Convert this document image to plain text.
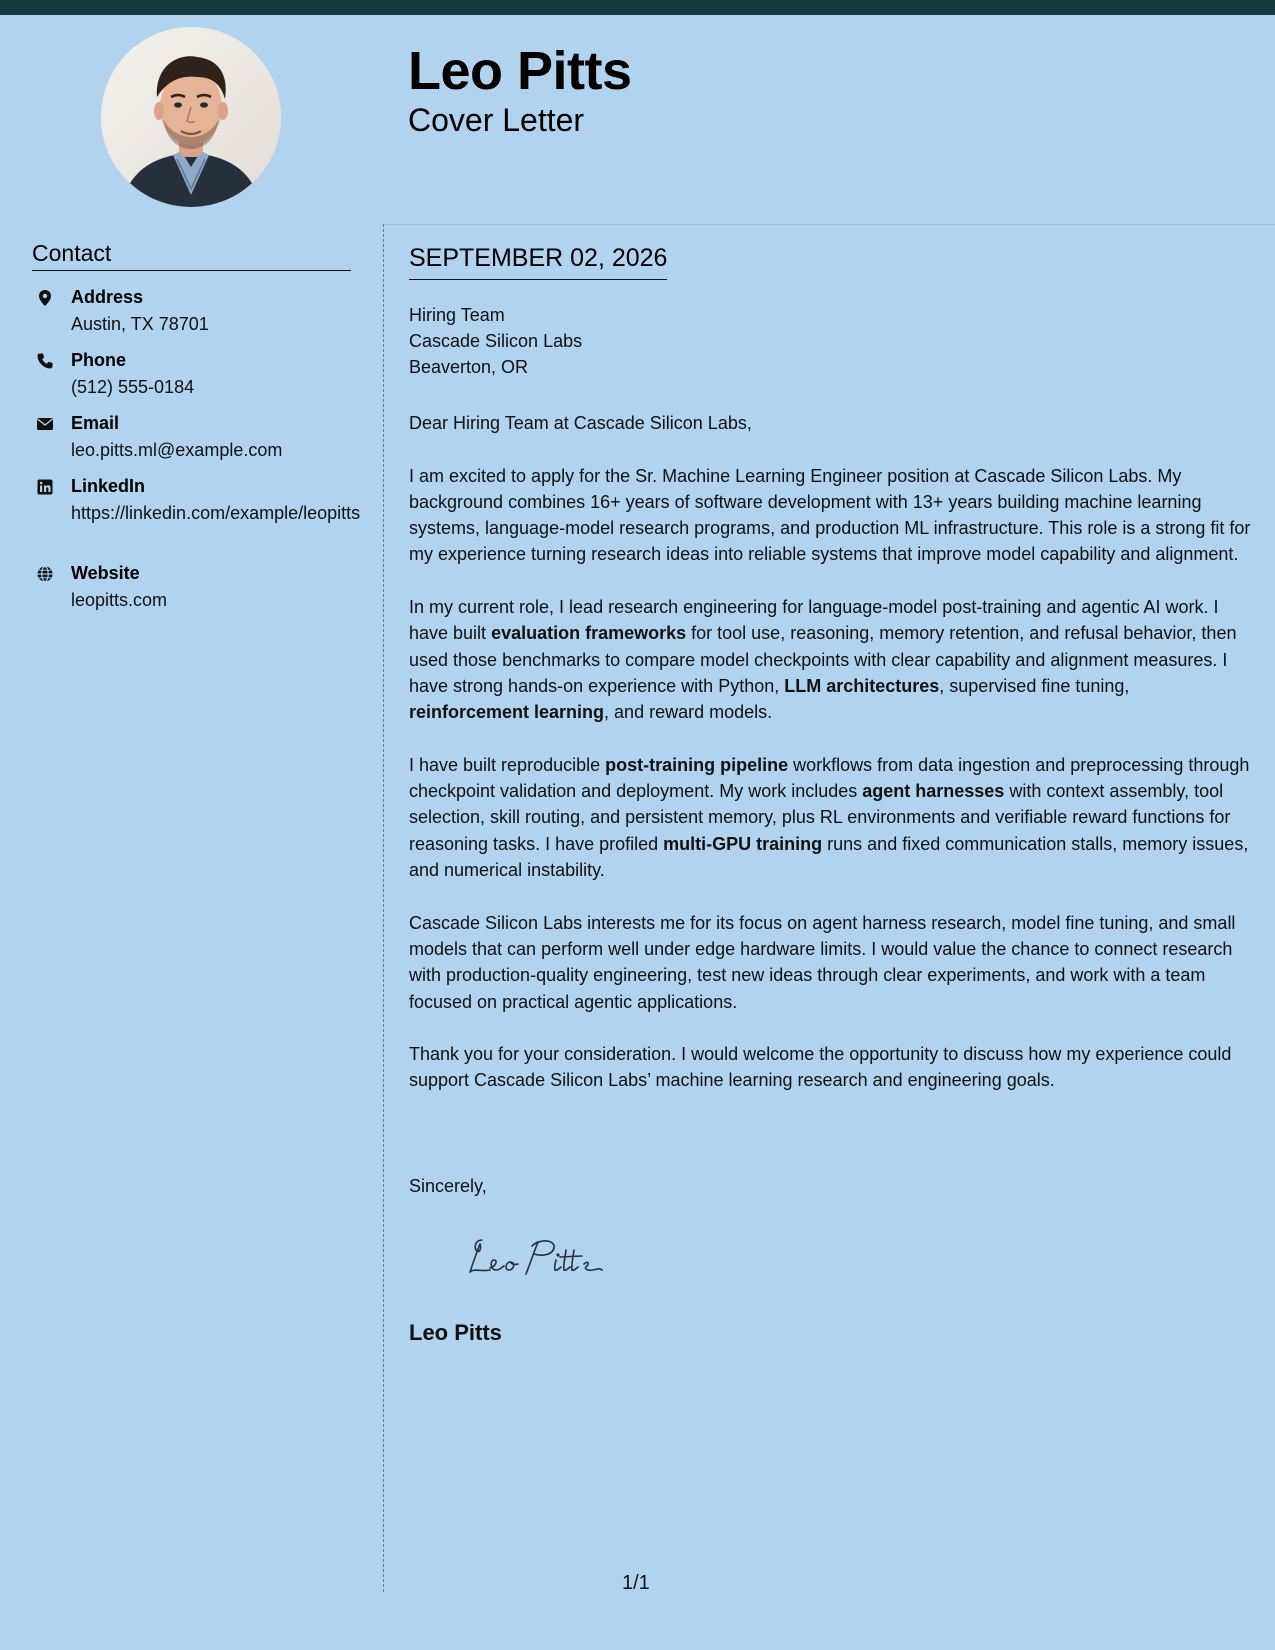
Leo Pitts
Cover Letter
Contact
Address
Austin, TX 78701
Phone
(512) 555-0184
Email
leo.pitts.ml@example.com
LinkedIn
https://linkedin.com/example/leopitts
Website
leopitts.com
SEPTEMBER 02, 2026
Hiring Team
Cascade Silicon Labs
Beaverton, OR

Dear Hiring Team at Cascade Silicon Labs,

I am excited to apply for the Sr. Machine Learning Engineer position at Cascade Silicon Labs. My background combines 16+ years of software development with 13+ years building machine learning systems, language-model research programs, and production ML infrastructure. This role is a strong fit for my experience turning research ideas into reliable systems that improve model capability and alignment.

In my current role, I lead research engineering for language-model post-training and agentic AI work. I have built evaluation frameworks for tool use, reasoning, memory retention, and refusal behavior, then used those benchmarks to compare model checkpoints with clear capability and alignment measures. I have strong hands-on experience with Python, LLM architectures, supervised fine tuning, reinforcement learning, and reward models.

I have built reproducible post-training pipeline workflows from data ingestion and preprocessing through checkpoint validation and deployment. My work includes agent harnesses with context assembly, tool selection, skill routing, and persistent memory, plus RL environments and verifiable reward functions for reasoning tasks. I have profiled multi-GPU training runs and fixed communication stalls, memory issues, and numerical instability.

Cascade Silicon Labs interests me for its focus on agent harness research, model fine tuning, and small models that can perform well under edge hardware limits. I would value the chance to connect research with production-quality engineering, test new ideas through clear experiments, and work with a team focused on practical agentic applications.

Thank you for your consideration. I would welcome the opportunity to discuss how my experience could support Cascade Silicon Labs’ machine learning research and engineering goals.

Sincerely,
Leo Pitts
1/1
